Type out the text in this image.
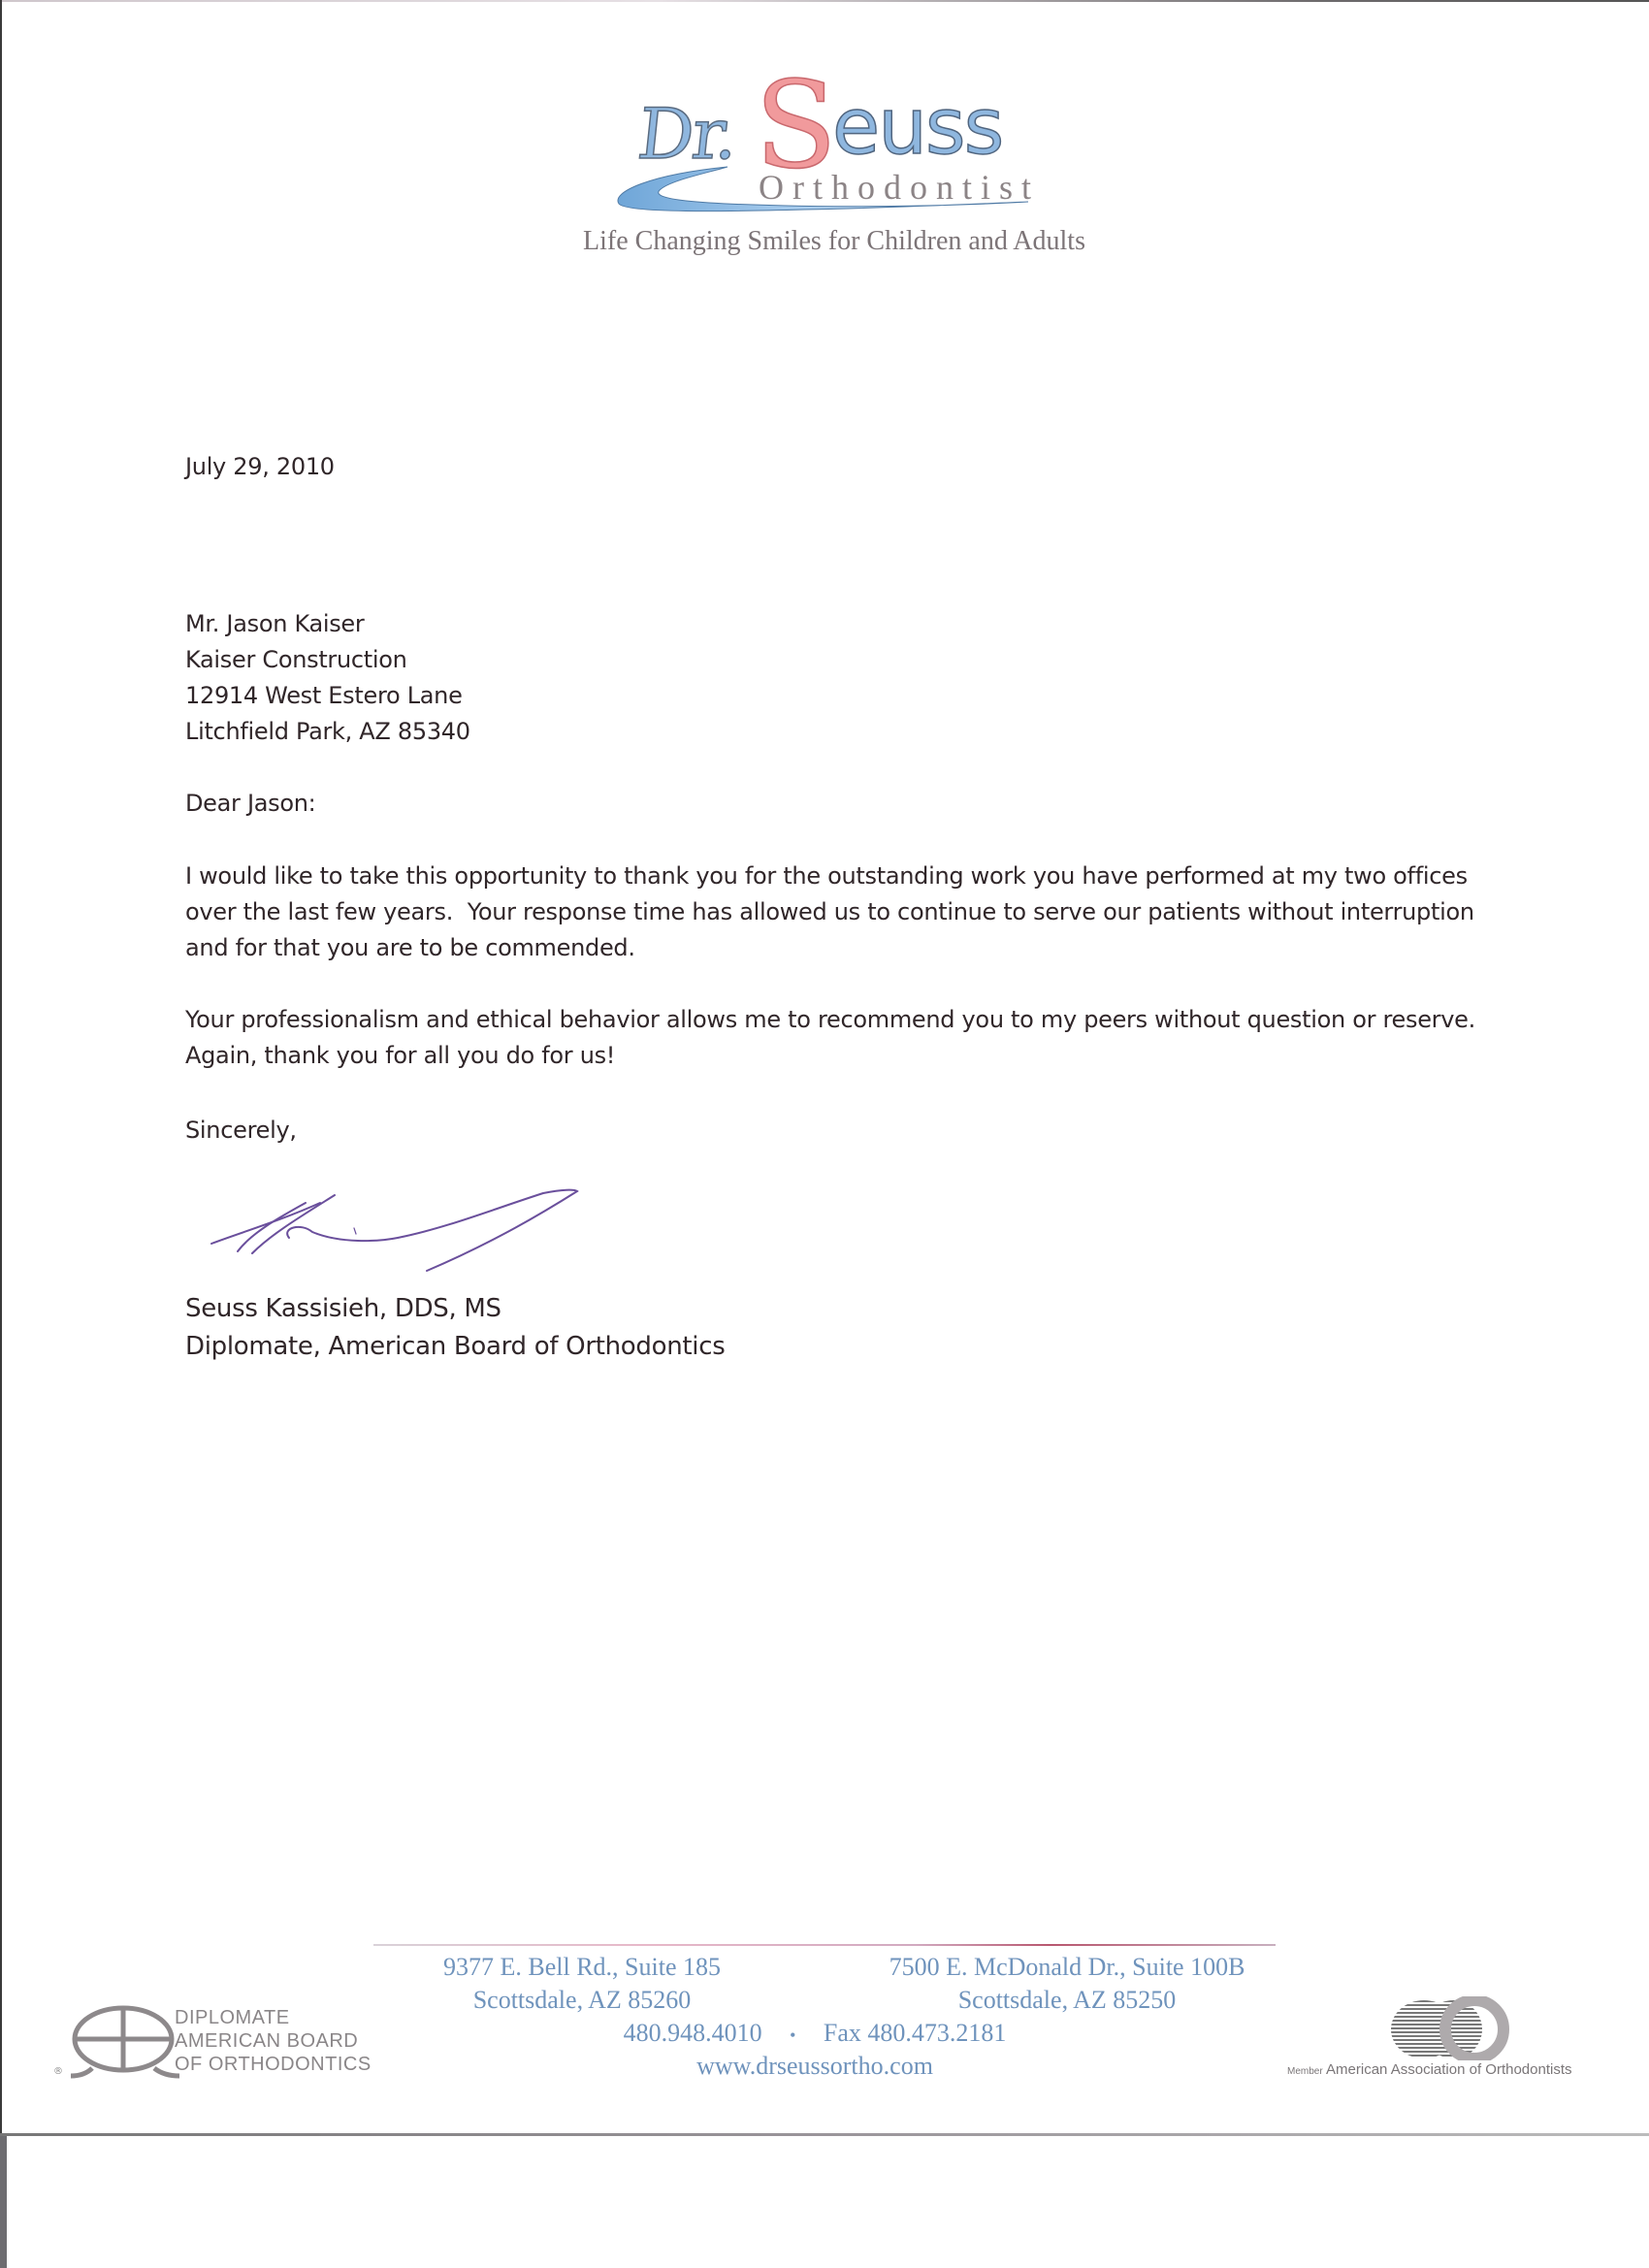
Dr. S
euss
Orthodontist
Life Changing Smiles for Children and Adults
July 29, 2010

Mr. Jason Kaiser

Kaiser Construction

12914 West Estero Lane

Litchfield Park, AZ 85340

Dear Jason:
I would like to take this opportunity to thank you for the outstanding work you have performed at my two offices over the last few years.  Your response time has allowed us to continue to serve our patients without interruption and for that you are to be commended.
Your professionalism and ethical behavior allows me to recommend you to my peers without question or reserve.   Again, thank you for all you do for us!
Sincerely,
Seuss Kassisieh, DDS, MS
Diplomate, American Board of Orthodontics
9377 E. Bell Rd., Suite 185
Scottsdale, AZ 85260
7500 E. McDonald Dr., Suite 100B
Scottsdale, AZ 85250
480.948.4010 • Fax 480.473.2181
www.drseussortho.com
®
DIPLOMATE
AMERICAN BOARD
OF ORTHODONTICS	Member American Association of Orthodontists
